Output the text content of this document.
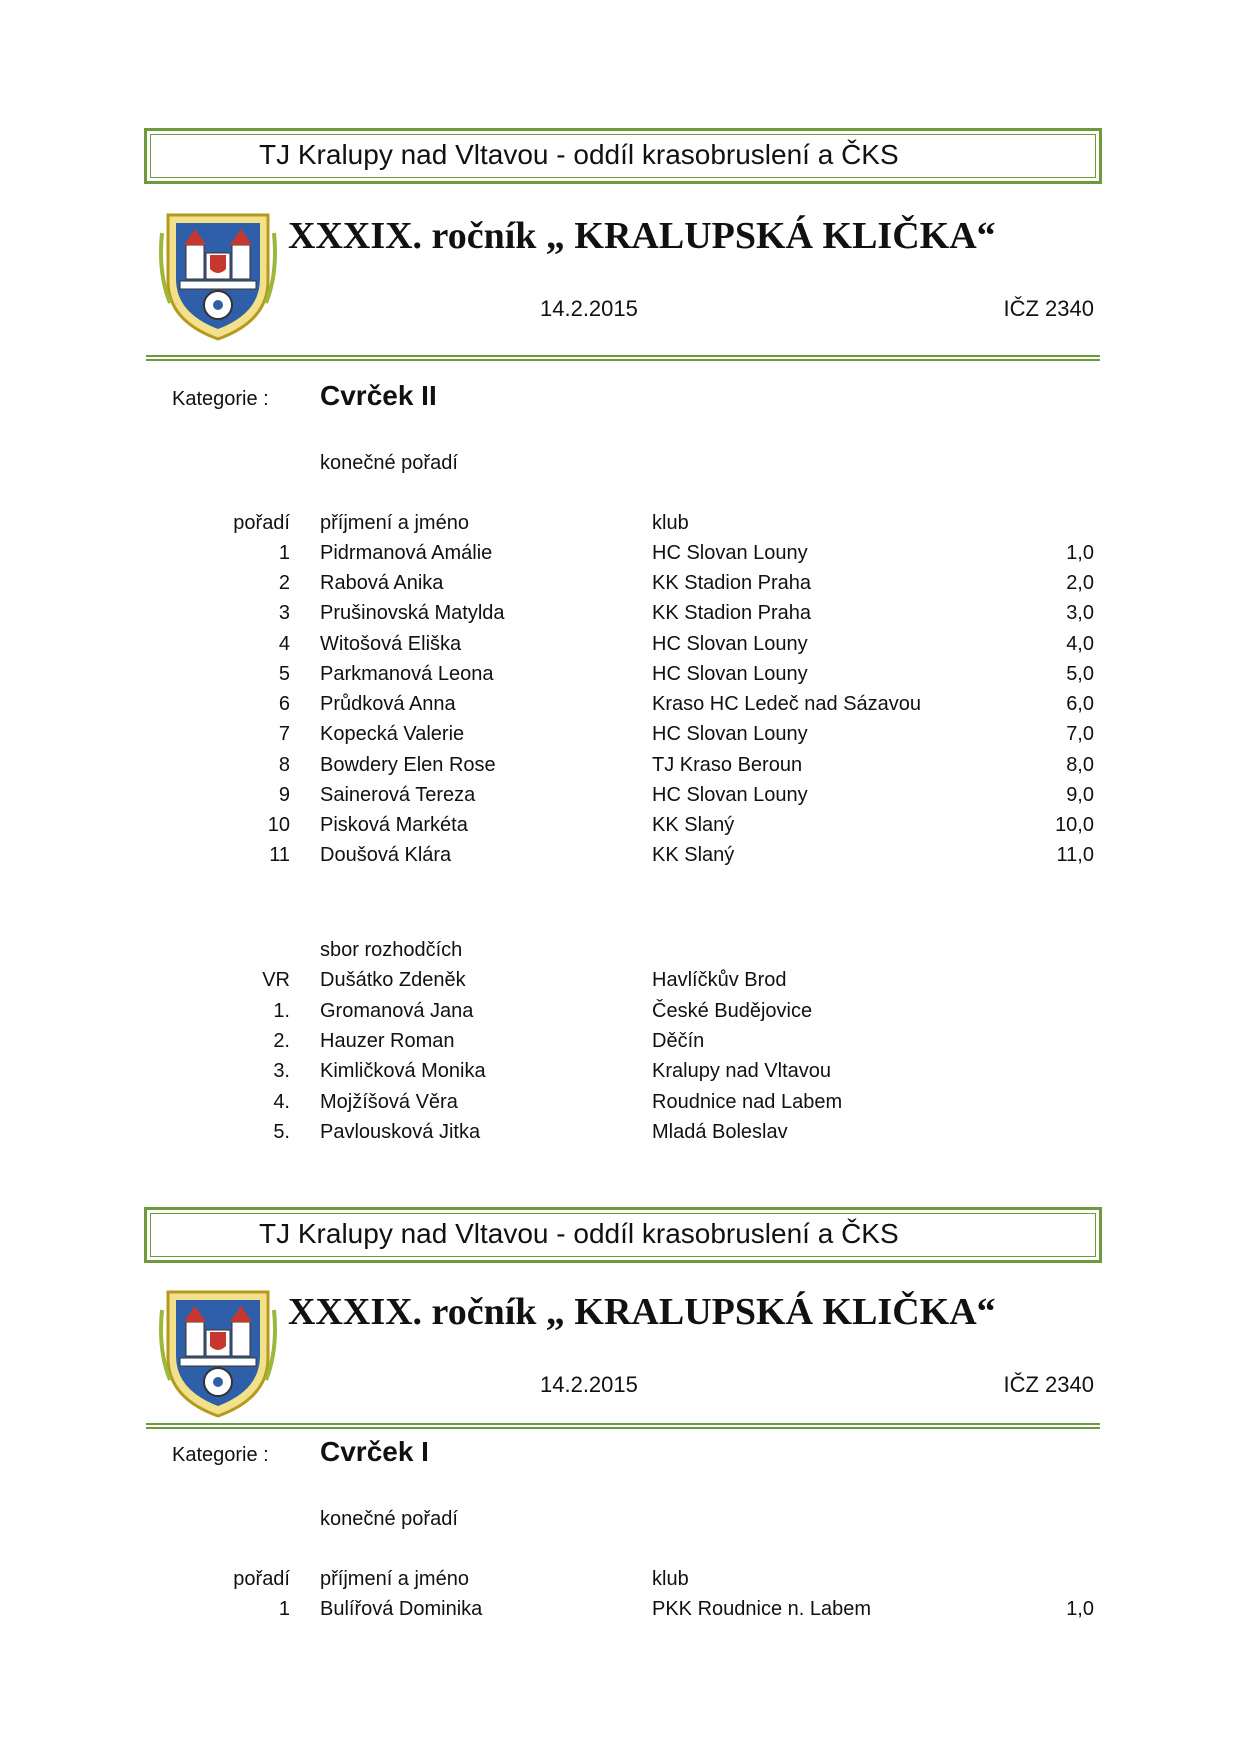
TJ Kralupy nad Vltavou - oddíl krasobruslení a ČKS
XXXIX. ročník „ KRALUPSKÁ KLIČKA“
14.2.2015	IČZ 2340
Kategorie : Cvrček II
konečné pořadí
pořadí příjmení a jméno	klub
1 Pidrmanová Amálie	HC Slovan Louny	1,0
2 Rabová Anika	KK Stadion Praha	2,0
3 Prušinovská Matylda	KK Stadion Praha	3,0
4 Witošová Eliška	HC Slovan Louny	4,0
5 Parkmanová Leona	HC Slovan Louny	5,0
6 Průdková Anna	Kraso HC Ledeč nad Sázavou	6,0
7 Kopecká Valerie	HC Slovan Louny	7,0
8 Bowdery Elen Rose	TJ Kraso Beroun	8,0
9 Sainerová Tereza	HC Slovan Louny	9,0
10 Pisková Markéta	KK Slaný	10,0
11 Doušová Klára	KK Slaný	11,0
sbor rozhodčích
VR Dušátko Zdeněk	Havlíčkův Brod
1. Gromanová Jana	České Budějovice
2. Hauzer Roman	Děčín
3. Kimličková Monika	Kralupy nad Vltavou
4. Mojžíšová Věra	Roudnice nad Labem
5. Pavlousková Jitka	Mladá Boleslav
TJ Kralupy nad Vltavou - oddíl krasobruslení a ČKS
XXXIX. ročník „ KRALUPSKÁ KLIČKA“
14.2.2015	IČZ 2340
Kategorie : Cvrček I
konečné pořadí
pořadí příjmení a jméno	klub
1 Bulířová Dominika	PKK Roudnice n. Labem	1,0
